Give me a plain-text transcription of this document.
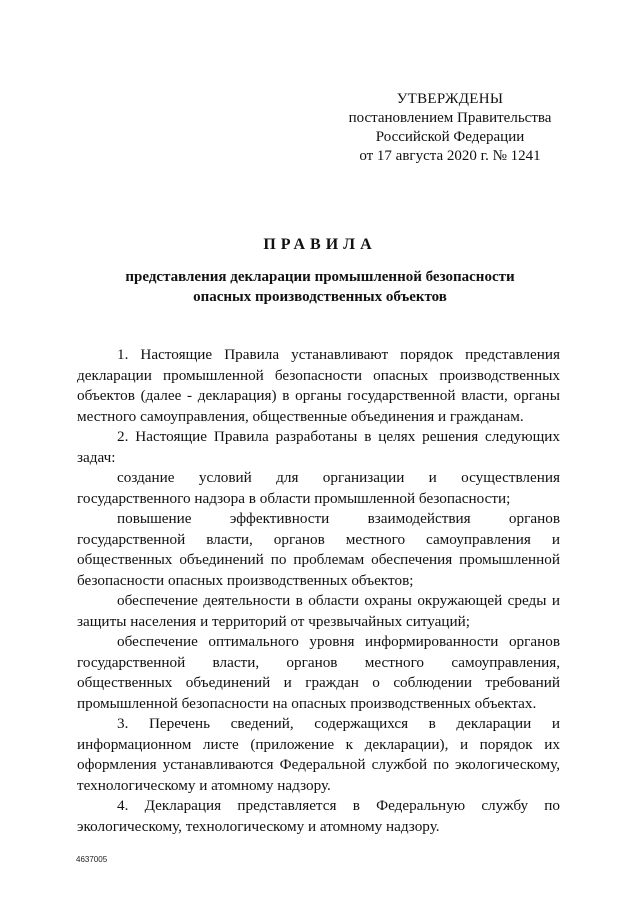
УТВЕРЖДЕНЫ
постановлением Правительства
Российской Федерации
от 17 августа 2020 г. № 1241
ПРАВИЛА
представления декларации промышленной безопасности
опасных производственных объектов

1. Настоящие Правила устанавливают порядок представления декларации промышленной безопасности опасных производственных объектов (далее - декларация) в органы государственной власти, органы местного самоуправления, общественные объединения и гражданам.

2. Настоящие Правила разработаны в целях решения следующих задач:

создание условий для организации и осуществления государственного надзора в области промышленной безопасности;

повышение эффективности взаимодействия органов государственной власти, органов местного самоуправления и общественных объединений по проблемам обеспечения промышленной безопасности опасных производственных объектов;

обеспечение деятельности в области охраны окружающей среды и защиты населения и территорий от чрезвычайных ситуаций;

обеспечение оптимального уровня информированности органов государственной власти, органов местного самоуправления, общественных объединений и граждан о соблюдении требований промышленной безопасности на опасных производственных объектах.

3. Перечень сведений, содержащихся в декларации и информационном листе (приложение к декларации), и порядок их оформления устанавливаются Федеральной службой по экологическому, технологическому и атомному надзору.

4. Декларация представляется в Федеральную службу по экологическому, технологическому и атомному надзору.

4637005
